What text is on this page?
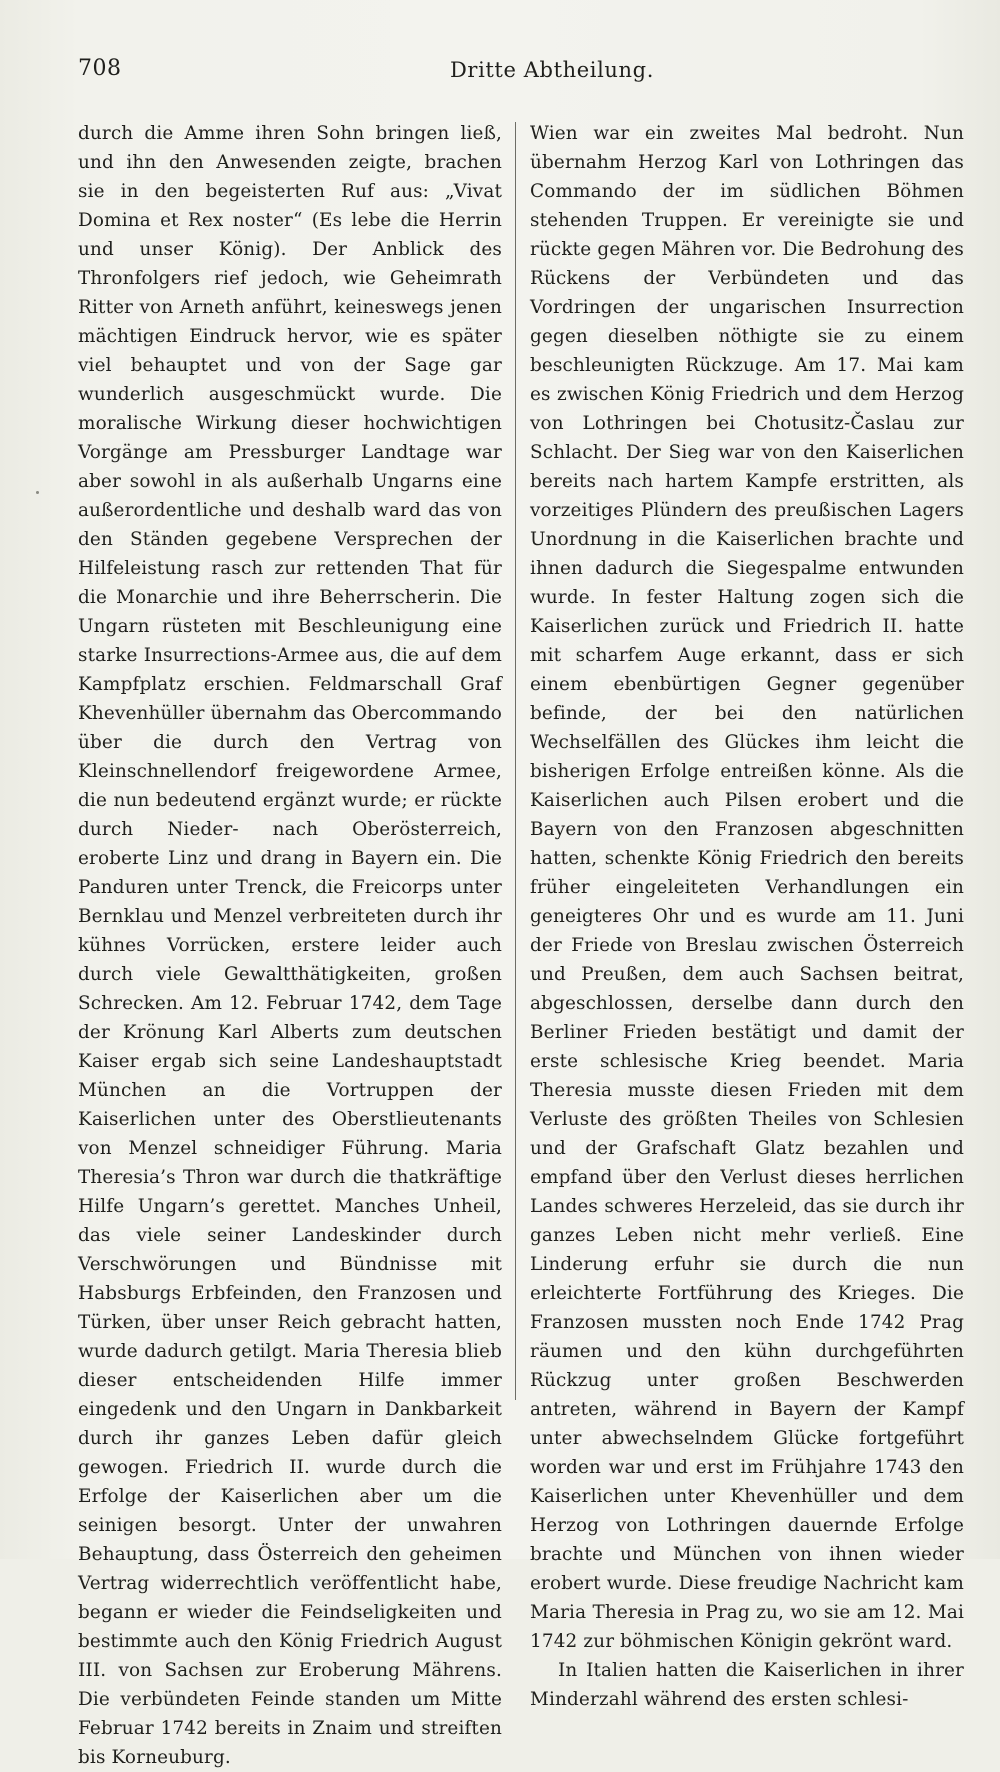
708	Dritte Abtheilung.

durch die Amme ihren Sohn bringen ließ, und ihn den Anwesenden zeigte, brachen sie in den begeisterten Ruf aus: „Vivat Domina et Rex noster“ (Es lebe die Herrin und unser König). Der Anblick des Thronfolgers rief jedoch, wie Geheimrath Ritter von Arneth anführt, keineswegs jenen mächtigen Eindruck hervor, wie es später viel behauptet und von der Sage gar wunderlich ausgeschmückt wurde. Die moralische Wirkung dieser hochwichtigen Vorgänge am Pressburger Landtage war aber sowohl in als außerhalb Ungarns eine außerordentliche und deshalb ward das von den Ständen gegebene Versprechen der Hilfeleistung rasch zur rettenden That für die Monarchie und ihre Beherrscherin. Die Ungarn rüsteten mit Beschleunigung eine starke Insurrections-Armee aus, die auf dem Kampfplatz erschien. Feldmarschall Graf Khevenhüller übernahm das Obercommando über die durch den Vertrag von Kleinschnellendorf freigewordene Armee, die nun bedeutend ergänzt wurde; er rückte durch Nieder- nach Oberösterreich, eroberte Linz und drang in Bayern ein. Die Panduren unter Trenck, die Freicorps unter Bernklau und Menzel verbreiteten durch ihr kühnes Vorrücken, erstere leider auch durch viele Gewaltthätigkeiten, großen Schrecken. Am 12. Februar 1742, dem Tage der Krönung Karl Alberts zum deutschen Kaiser ergab sich seine Landeshauptstadt München an die Vortruppen der Kaiserlichen unter des Oberstlieutenants von Menzel schneidiger Führung. Maria Theresia’s Thron war durch die thatkräftige Hilfe Ungarn’s gerettet. Manches Unheil, das viele seiner Landeskinder durch Verschwörungen und Bündnisse mit Habsburgs Erbfeinden, den Franzosen und Türken, über unser Reich gebracht hatten, wurde dadurch getilgt. Maria Theresia blieb dieser entscheidenden Hilfe immer eingedenk und den Ungarn in Dankbarkeit durch ihr ganzes Leben dafür gleich gewogen. Friedrich II. wurde durch die Erfolge der Kaiserlichen aber um die seinigen besorgt. Unter der unwahren Behauptung, dass Österreich den geheimen Vertrag widerrechtlich veröffentlicht habe, begann er wieder die Feindseligkeiten und bestimmte auch den König Friedrich August III. von Sachsen zur Eroberung Mährens. Die verbündeten Feinde standen um Mitte Februar 1742 bereits in Znaim und streiften bis Korneuburg.

Wien war ein zweites Mal bedroht. Nun übernahm Herzog Karl von Lothringen das Commando der im südlichen Böhmen stehenden Truppen. Er vereinigte sie und rückte gegen Mähren vor. Die Bedrohung des Rückens der Verbündeten und das Vordringen der ungarischen Insurrection gegen dieselben nöthigte sie zu einem beschleunigten Rückzuge. Am 17. Mai kam es zwischen König Friedrich und dem Herzog von Lothringen bei Chotusitz-Časlau zur Schlacht. Der Sieg war von den Kaiserlichen bereits nach hartem Kampfe erstritten, als vorzeitiges Plündern des preußischen Lagers Unordnung in die Kaiserlichen brachte und ihnen dadurch die Siegespalme entwunden wurde. In fester Haltung zogen sich die Kaiserlichen zurück und Friedrich II. hatte mit scharfem Auge erkannt, dass er sich einem ebenbürtigen Gegner gegenüber befinde, der bei den natürlichen Wechselfällen des Glückes ihm leicht die bisherigen Erfolge entreißen könne. Als die Kaiserlichen auch Pilsen erobert und die Bayern von den Franzosen abgeschnitten hatten, schenkte König Friedrich den bereits früher eingeleiteten Verhandlungen ein geneigteres Ohr und es wurde am 11. Juni der Friede von Breslau zwischen Österreich und Preußen, dem auch Sachsen beitrat, abgeschlossen, derselbe dann durch den Berliner Frieden bestätigt und damit der erste schlesische Krieg beendet. Maria Theresia musste diesen Frieden mit dem Verluste des größten Theiles von Schlesien und der Grafschaft Glatz bezahlen und empfand über den Verlust dieses herrlichen Landes schweres Herzeleid, das sie durch ihr ganzes Leben nicht mehr verließ. Eine Linderung erfuhr sie durch die nun erleichterte Fortführung des Krieges. Die Franzosen mussten noch Ende 1742 Prag räumen und den kühn durchgeführten Rückzug unter großen Beschwerden antreten, während in Bayern der Kampf unter abwechselndem Glücke fortgeführt worden war und erst im Frühjahre 1743 den Kaiserlichen unter Khevenhüller und dem Herzog von Lothringen dauernde Erfolge brachte und München von ihnen wieder erobert wurde. Diese freudige Nachricht kam Maria Theresia in Prag zu, wo sie am 12. Mai 1742 zur böhmischen Königin gekrönt ward.

In Italien hatten die Kaiserlichen in ihrer Minderzahl während des ersten schlesi-
